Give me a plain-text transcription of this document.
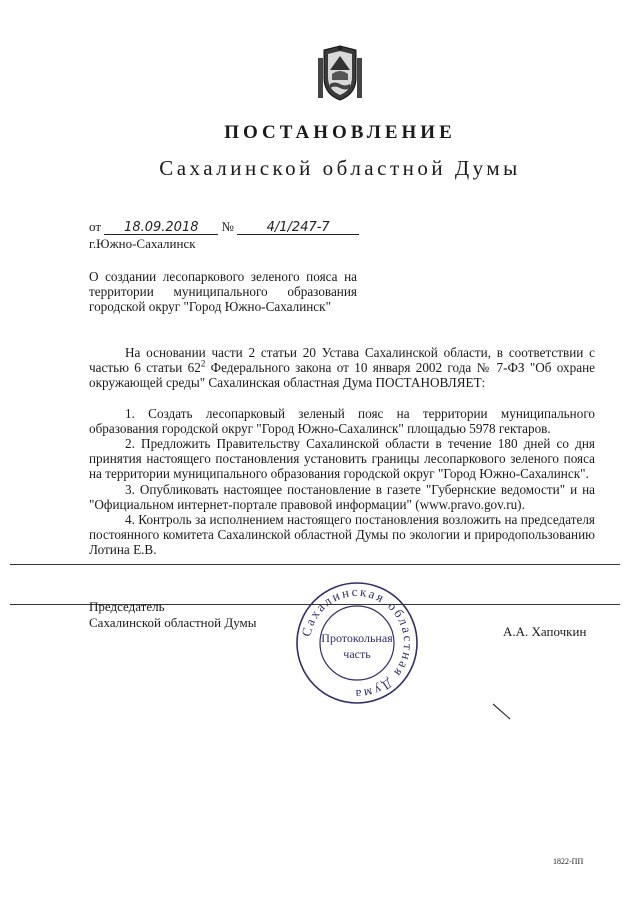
ПОСТАНОВЛЕНИЕ
Сахалинской областной Думы
от 18.09.2018 №	4/1/247-7
г.Южно-Сахалинск
О создании лесопаркового зеленого пояса на территории муниципального образования городской округ "Город Южно-Сахалинск"

На основании части 2 статьи 20 Устава Сахалинской области, в соответствии с частью 6 статьи $62^2$ Федерального закона от 10 января 2002 года № 7-ФЗ "Об охране окружающей среды" Сахалинская областная Дума ПОСТАНОВЛЯЕТ:

1. Создать лесопарковый зеленый пояс на территории муниципального образования городской округ "Город Южно-Сахалинск" площадью 5978 гектаров.

2. Предложить Правительству Сахалинской области в течение 180 дней со дня принятия настоящего постановления установить границы лесопаркового зеленого пояса на территории муниципального образования городской округ "Город Южно-Сахалинск".

3. Опубликовать настоящее постановление в газете "Губернские ведомости" и на "Официальном интернет-портале правовой информации" (www.pravo.gov.ru).

4. Контроль за исполнением настоящего постановления возложить на председателя постоянного комитета Сахалинской областной Думы по экологии и природопользованию Лотина Е.В.

Председатель
Сахалинской областной Думы
А.А. Хапочкин
Сахалинская областная Дума
Протокольная
часть
1822-ПП
